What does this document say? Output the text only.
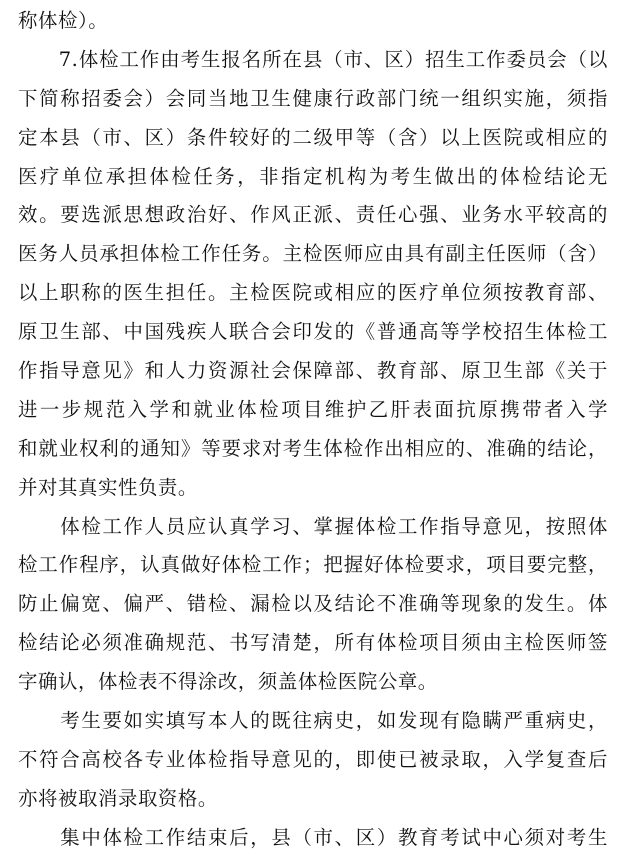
称体检）。
　　7.体检工作由考生报名所在县（市、区）招生工作委员会（以
下简称招委会）会同当地卫生健康行政部门统一组织实施，须指
定本县（市、区）条件较好的二级甲等（含）以上医院或相应的
医疗单位承担体检任务，非指定机构为考生做出的体检结论无
效。要选派思想政治好、作风正派、责任心强、业务水平较高的
医务人员承担体检工作任务。主检医师应由具有副主任医师（含）
以上职称的医生担任。主检医院或相应的医疗单位须按教育部、
原卫生部、中国残疾人联合会印发的《普通高等学校招生体检工
作指导意见》和人力资源社会保障部、教育部、原卫生部《关于
进一步规范入学和就业体检项目维护乙肝表面抗原携带者入学
和就业权利的通知》等要求对考生体检作出相应的、准确的结论，
并对其真实性负责。
　　体检工作人员应认真学习、掌握体检工作指导意见，按照体
检工作程序，认真做好体检工作；把握好体检要求，项目要完整，
防止偏宽、偏严、错检、漏检以及结论不准确等现象的发生。体
检结论必须准确规范、书写清楚，所有体检项目须由主检医师签
字确认，体检表不得涂改，须盖体检医院公章。
　　考生要如实填写本人的既往病史，如发现有隐瞒严重病史，
不符合高校各专业体检指导意见的，即使已被录取，入学复查后
亦将被取消录取资格。
　　集中体检工作结束后，县（市、区）教育考试中心须对考生
